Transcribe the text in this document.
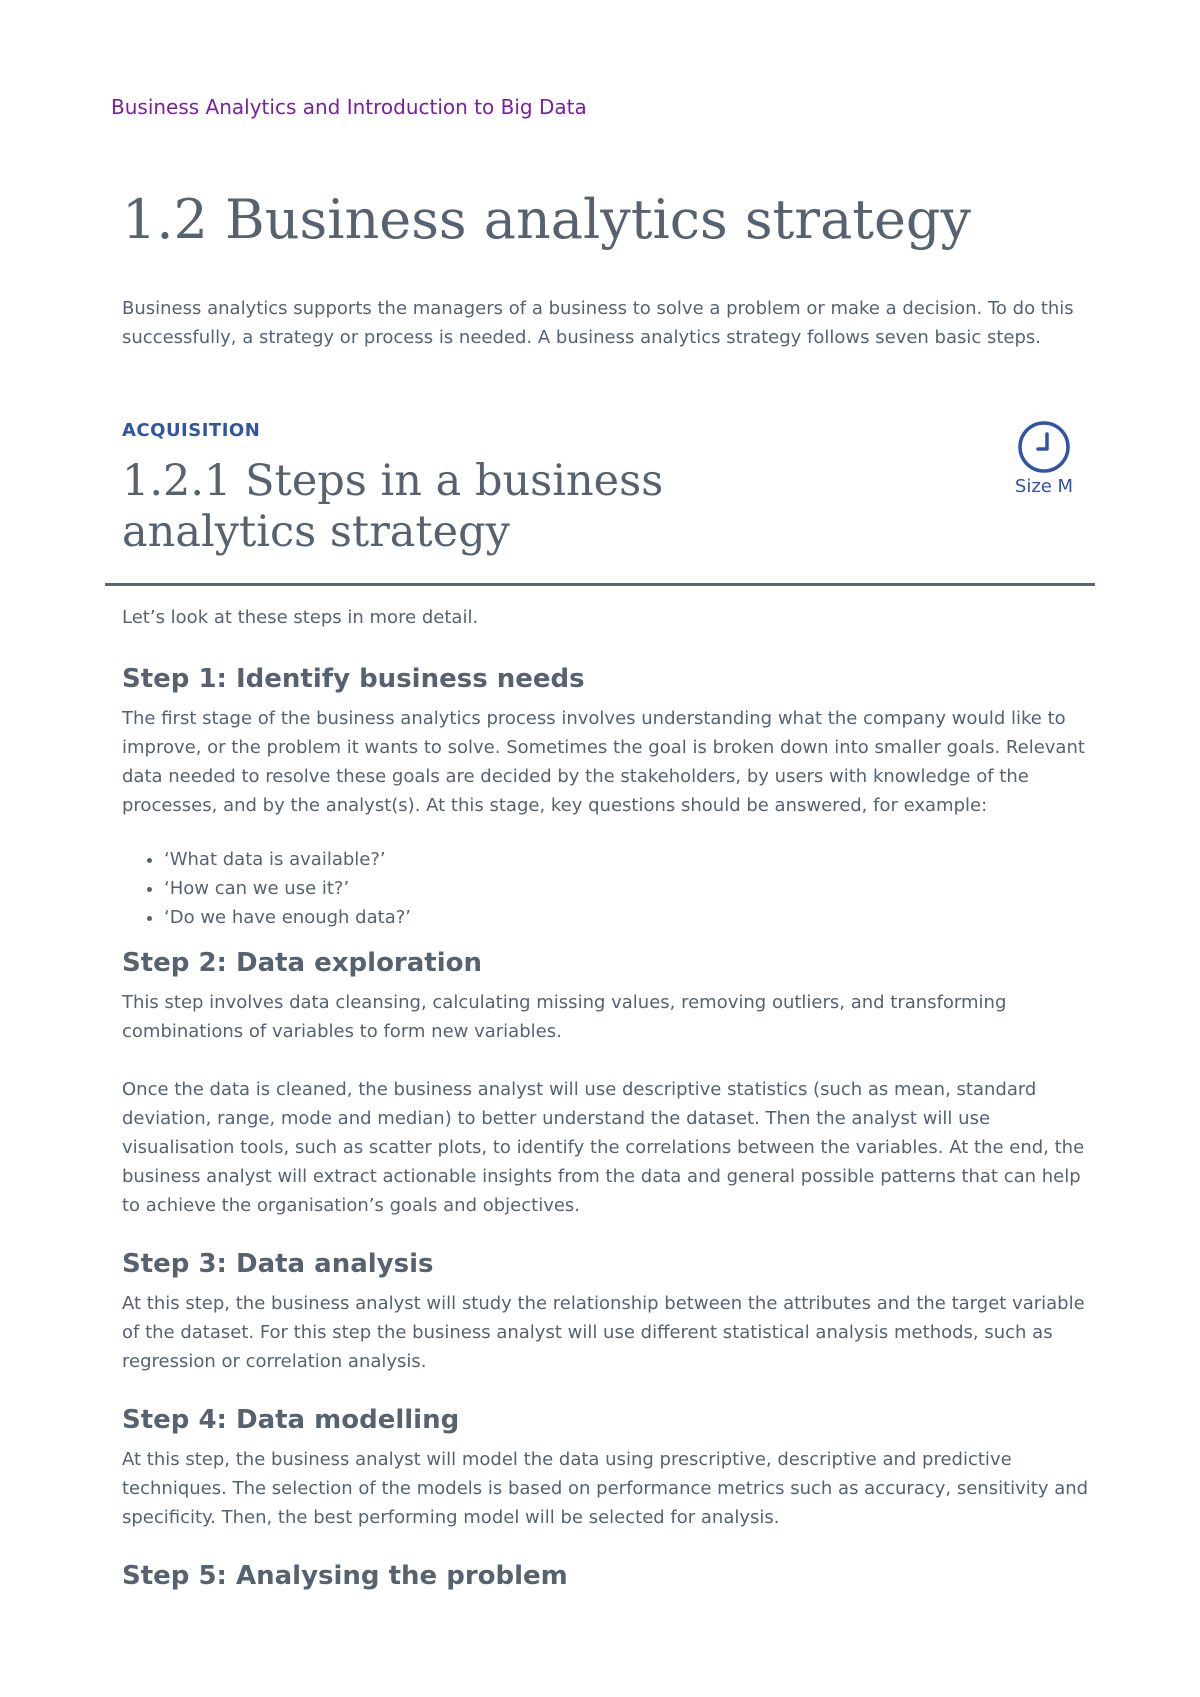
Business Analytics and Introduction to Big Data
1.2 Business analytics strategy

Business analytics supports the managers of a business to solve a problem or make a decision. To do this successfully, a strategy or process is needed. A business analytics strategy follows seven basic steps.

ACQUISITION

1.2.1 Steps in a business analytics strategy
Size M

Let’s look at these steps in more detail.

Step 1: Identify business needs

The first stage of the business analytics process involves understanding what the company would like to improve, or the problem it wants to solve. Sometimes the goal is broken down into smaller goals. Relevant data needed to resolve these goals are decided by the stakeholders, by users with knowledge of the processes, and by the analyst(s). At this stage, key questions should be answered, for example:

• ‘What data is available?’
• ‘How can we use it?’
• ‘Do we have enough data?’
Step 2: Data exploration

This step involves data cleansing, calculating missing values, removing outliers, and transforming combinations of variables to form new variables.

Once the data is cleaned, the business analyst will use descriptive statistics (such as mean, standard deviation, range, mode and median) to better understand the dataset. Then the analyst will use visualisation tools, such as scatter plots, to identify the correlations between the variables. At the end, the business analyst will extract actionable insights from the data and general possible patterns that can help to achieve the organisation’s goals and objectives.

Step 3: Data analysis

At this step, the business analyst will study the relationship between the attributes and the target variable of the dataset. For this step the business analyst will use different statistical analysis methods, such as regression or correlation analysis.

Step 4: Data modelling

At this step, the business analyst will model the data using prescriptive, descriptive and predictive techniques. The selection of the models is based on performance metrics such as accuracy, sensitivity and specificity. Then, the best performing model will be selected for analysis.

Step 5: Analysing the problem
